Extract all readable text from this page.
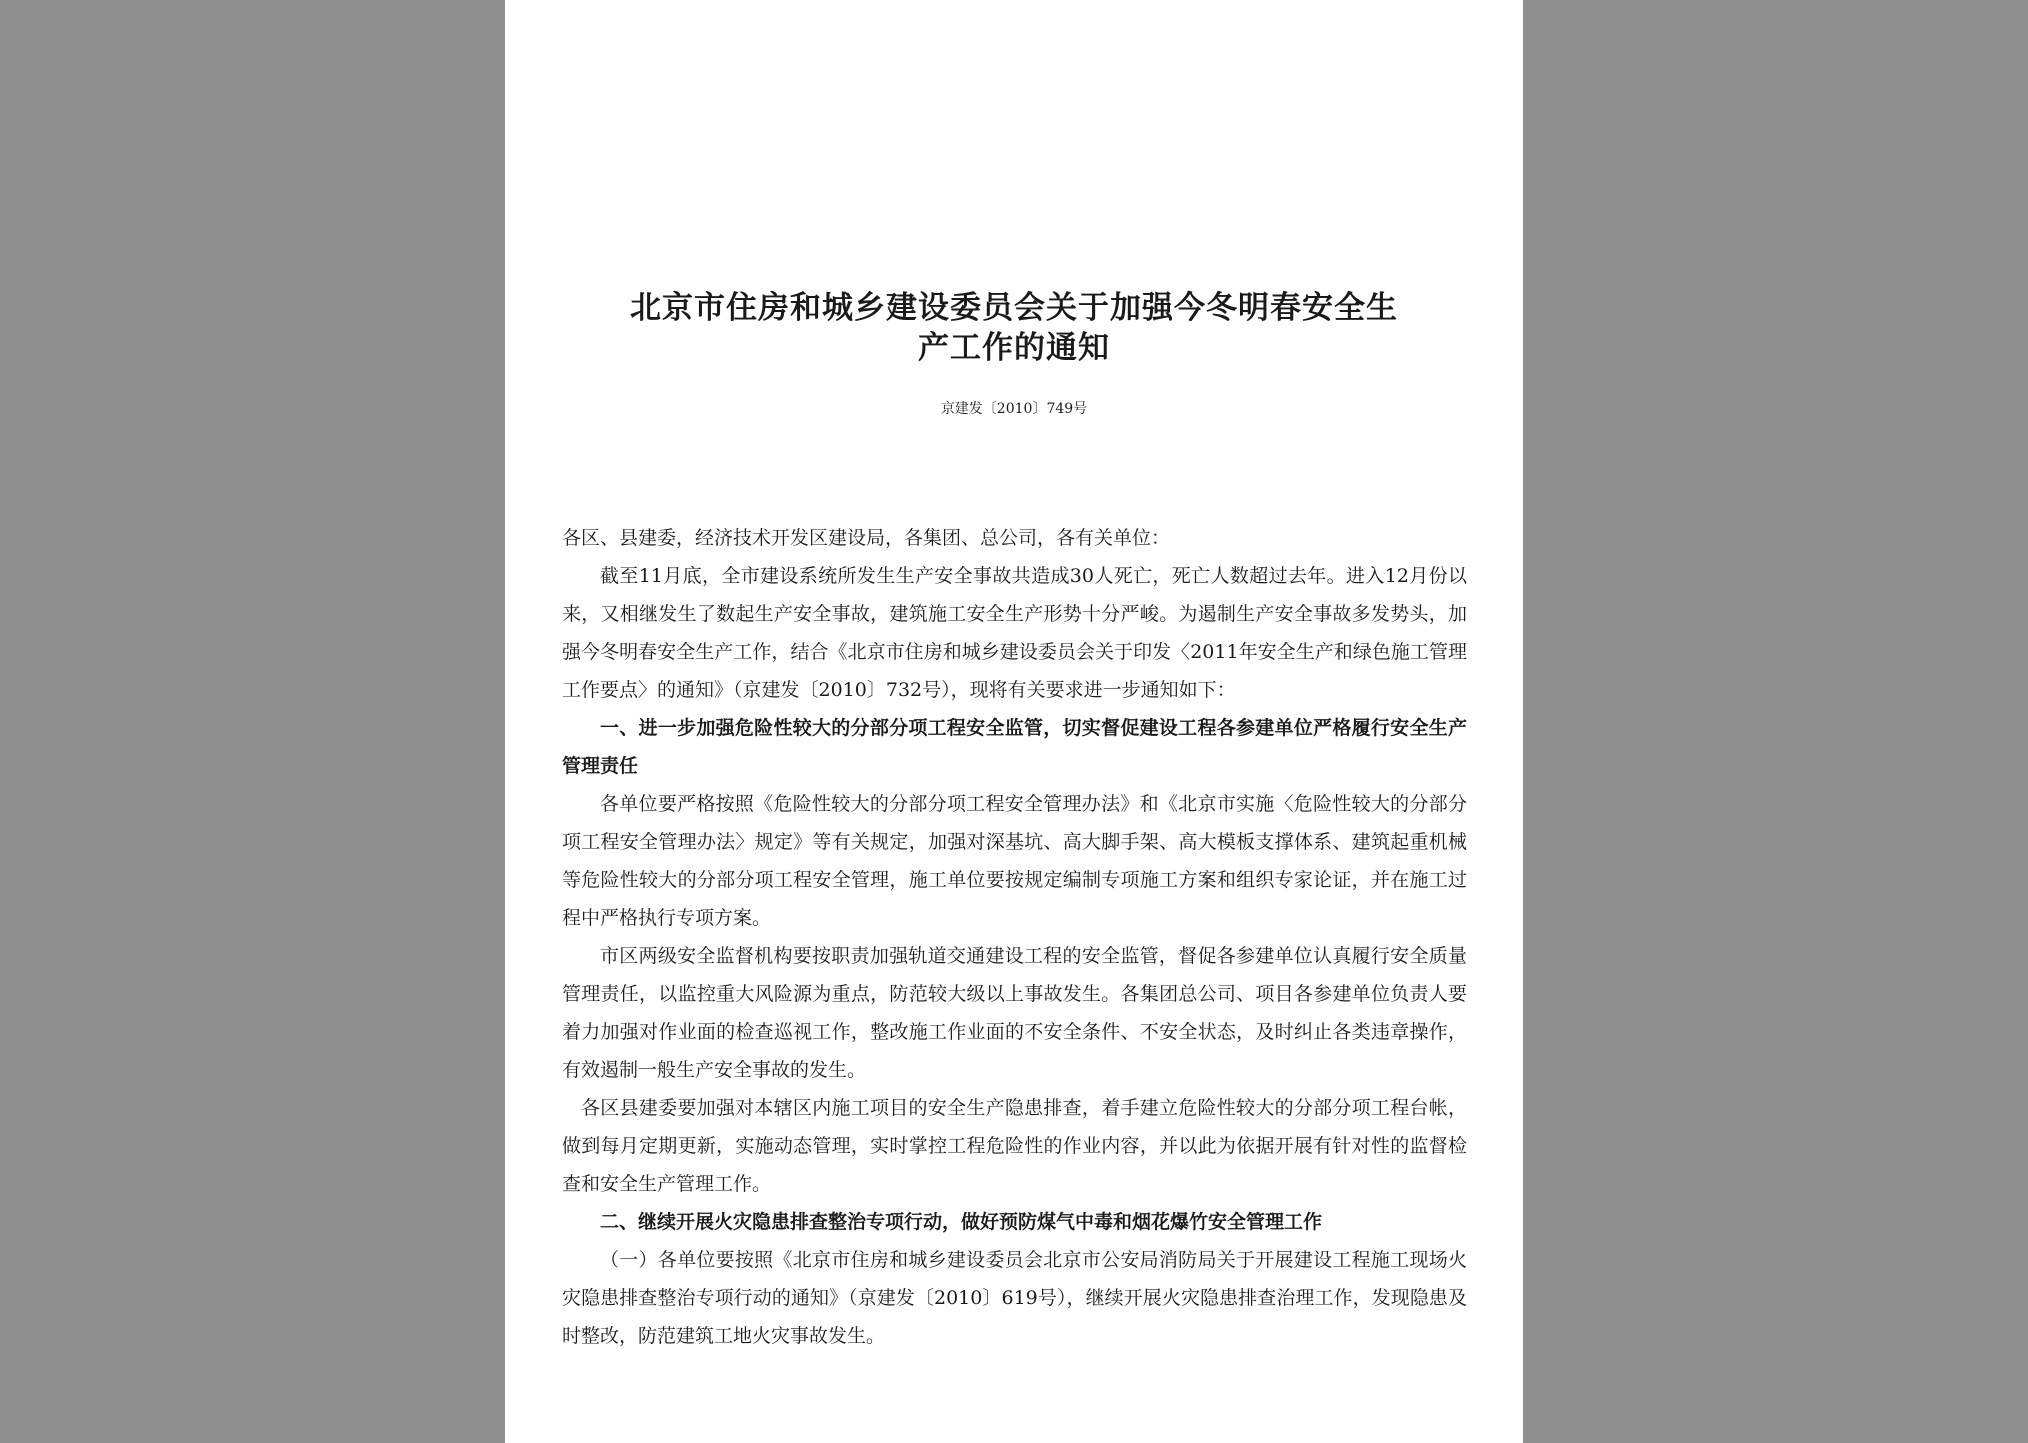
北京市住房和城乡建设委员会关于加强今冬明春安全生
产工作的通知

京建发〔2010〕749号

各区、县建委，经济技术开发区建设局，各集团、总公司，各有关单位：

截至11月底，全市建设系统所发生生产安全事故共造成30人死亡，死亡人数超过去年。进入12月份以来，又相继发生了数起生产安全事故，建筑施工安全生产形势十分严峻。为遏制生产安全事故多发势头，加强今冬明春安全生产工作，结合《北京市住房和城乡建设委员会关于印发〈2011年安全生产和绿色施工管理工作要点〉的通知》（京建发〔2010〕732号），现将有关要求进一步通知如下：

一、进一步加强危险性较大的分部分项工程安全监管，切实督促建设工程各参建单位严格履行安全生产管理责任

各单位要严格按照《危险性较大的分部分项工程安全管理办法》和《北京市实施〈危险性较大的分部分项工程安全管理办法〉规定》等有关规定，加强对深基坑、高大脚手架、高大模板支撑体系、建筑起重机械等危险性较大的分部分项工程安全管理，施工单位要按规定编制专项施工方案和组织专家论证，并在施工过程中严格执行专项方案。

市区两级安全监督机构要按职责加强轨道交通建设工程的安全监管，督促各参建单位认真履行安全质量管理责任，以监控重大风险源为重点，防范较大级以上事故发生。各集团总公司、项目各参建单位负责人要着力加强对作业面的检查巡视工作，整改施工作业面的不安全条件、不安全状态，及时纠止各类违章操作，有效遏制一般生产安全事故的发生。

各区县建委要加强对本辖区内施工项目的安全生产隐患排查，着手建立危险性较大的分部分项工程台帐，做到每月定期更新，实施动态管理，实时掌控工程危险性的作业内容，并以此为依据开展有针对性的监督检查和安全生产管理工作。

二、继续开展火灾隐患排查整治专项行动，做好预防煤气中毒和烟花爆竹安全管理工作

（一）各单位要按照《北京市住房和城乡建设委员会北京市公安局消防局关于开展建设工程施工现场火灾隐患排查整治专项行动的通知》（京建发〔2010〕619号），继续开展火灾隐患排查治理工作，发现隐患及时整改，防范建筑工地火灾事故发生。
